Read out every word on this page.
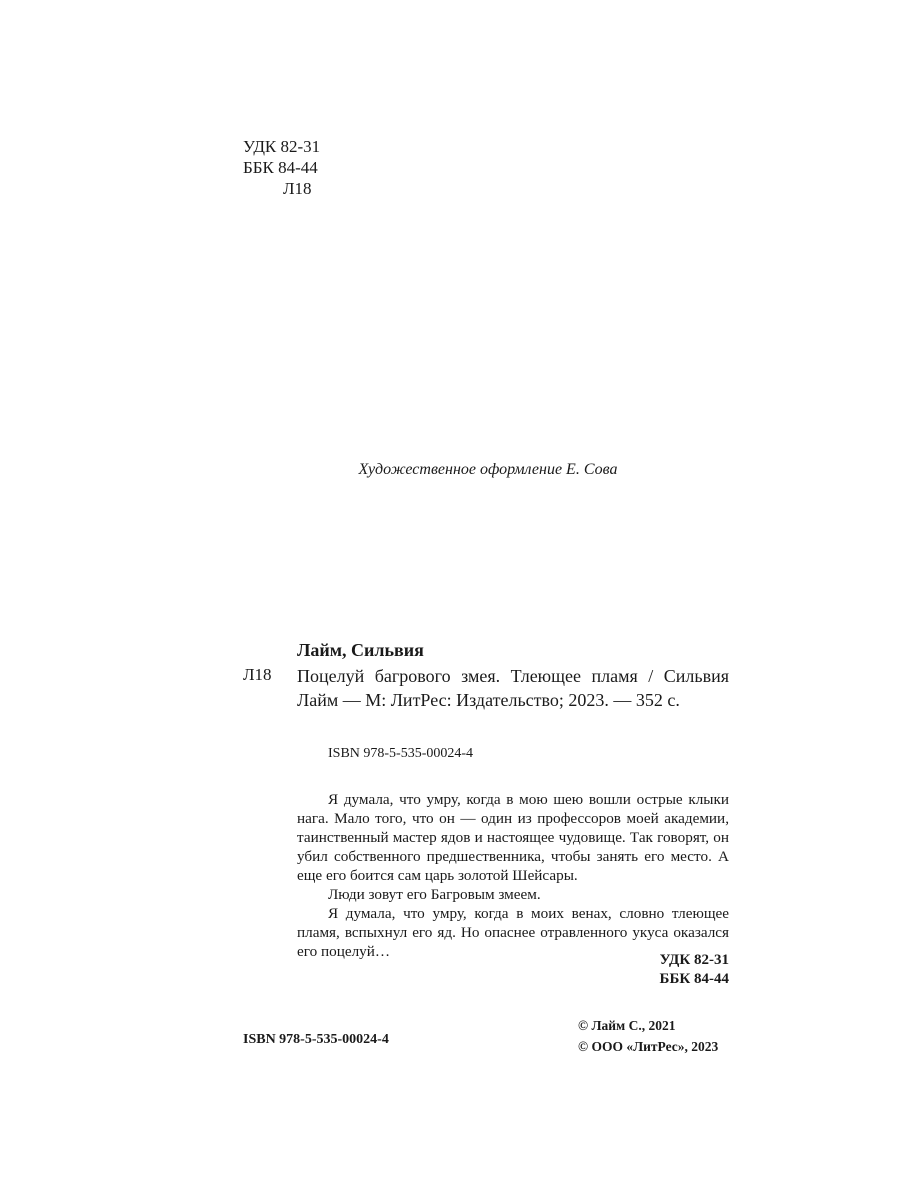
УДК 82-31
ББК 84-44
Л18
Художественное оформление Е. Сова
Лайм, Сильвия
Л18 Поцелуй багрового змея. Тлеющее пламя / Сильвия Лайм — М: ЛитРес: Издательство; 2023. — 352 с.
ISBN 978-5-535-00024-4

Я думала, что умру, когда в мою шею вошли острые клыки нага. Мало того, что он — один из профессоров моей академии, таинственный мастер ядов и настоящее чудовище. Так говорят, он убил собственного предшественника, чтобы занять его место. А еще его боится сам царь золотой Шейсары.

Люди зовут его Багровым змеем.

Я думала, что умру, когда в моих венах, словно тлеющее пламя, вспыхнул его яд. Но опаснее отравленного укуса оказался его поцелуй…	УДК 82-31
ББК 84-44
ISBN 978-5-535-00024-4
© Лайм С., 2021
© ООО «ЛитРес», 2023
